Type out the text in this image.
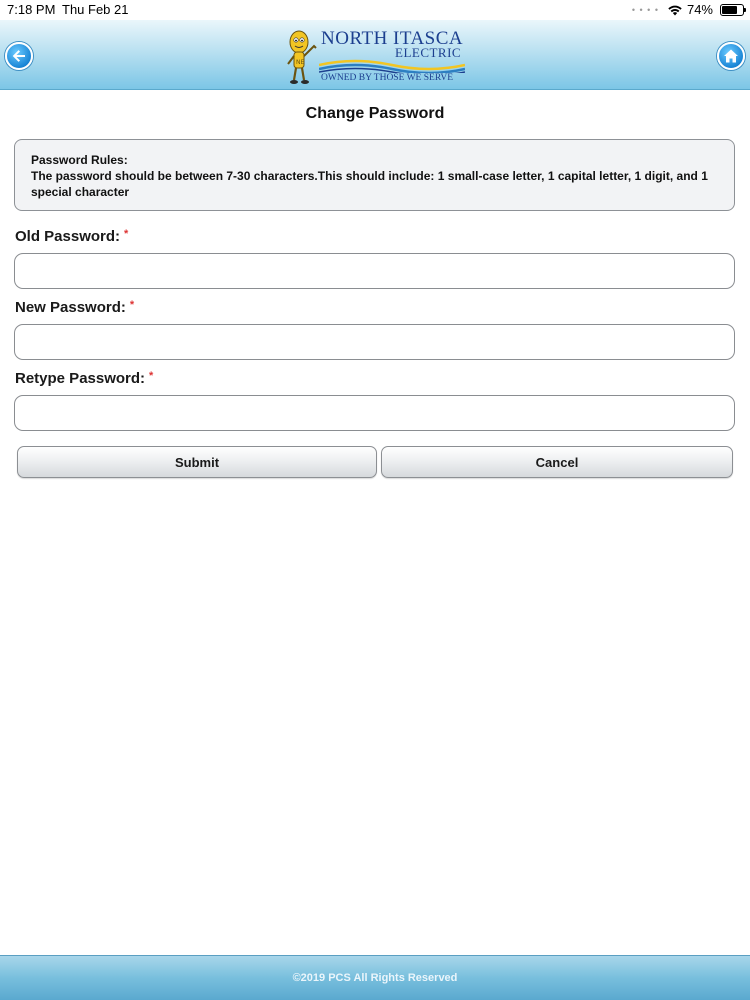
7:18 PM Thu Feb 21	• • • • 74%
NE
NORTH ITASCA
ELECTRIC
OWNED BY THOSE WE SERVE
Change Password
Password Rules:
The password should be between 7-30 characters.This should include: 1 small-case letter, 1 capital letter, 1 digit, and 1 special character
Old Password: *
New Password: *
Retype Password: *
Submit	Cancel
©2019 PCS All Rights Reserved
